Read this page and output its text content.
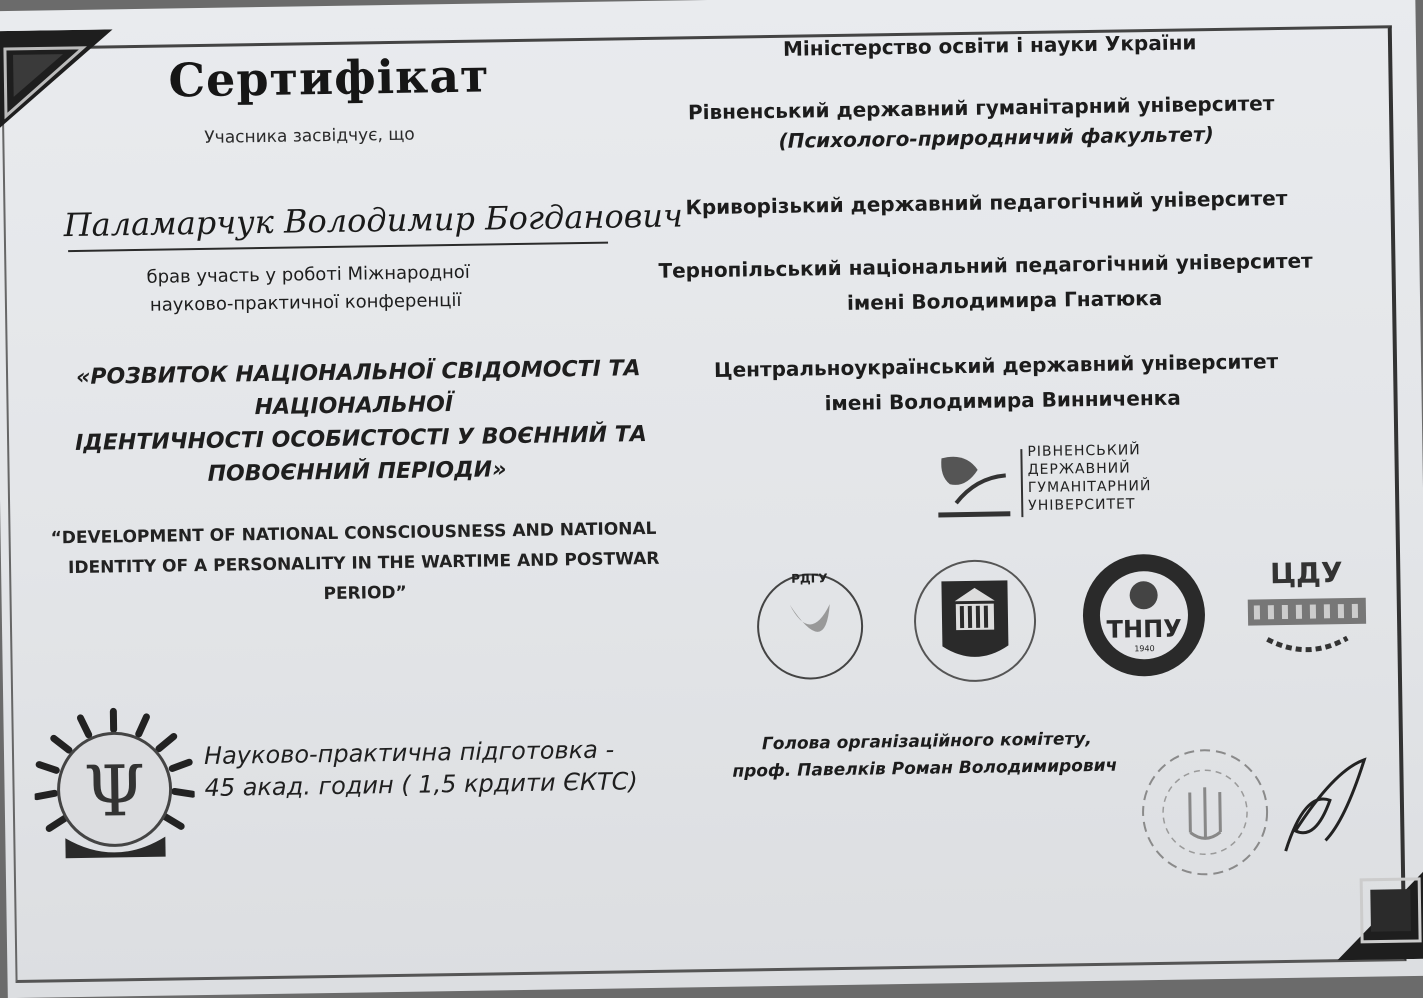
Сертифікат
Учасника засвідчує, що
Паламарчук Володимир Богданович
брав участь у роботі Міжнародної
науково-практичної конференції
«РОЗВИТОК НАЦІОНАЛЬНОЇ СВІДОМОСТІ ТА
НАЦІОНАЛЬНОЇ
ІДЕНТИЧНОСТІ ОСОБИСТОСТІ У ВОЄННИЙ ТА
ПОВОЄННИЙ ПЕРІОДИ»
“DEVELOPMENT OF NATIONAL CONSCIOUSNESS AND NATIONAL
IDENTITY OF A PERSONALITY IN THE WARTIME AND POSTWAR
PERIOD”
Ψ Науково-практична підготовка -
45 акад. годин ( 1,5 крдити ЄКТС)
Міністерство освіти і науки України
Рівненський державний гуманітарний університет
(Психолого-природничий факультет)
Криворізький державний педагогічний університет
Тернопільський національний педагогічний університет
імені Володимира Гнатюка
Центральноукраїнський державний університет
імені Володимира Винниченка
РІВНЕНСЬКИЙ
ДЕРЖАВНИЙ
ГУМАНІТАРНИЙ
УНІВЕРСИТЕТ
РДГУ
ТНПУ
1940
ЦДУ
Голова організаційного комітету,
проф. Павелків Роман Володимирович
